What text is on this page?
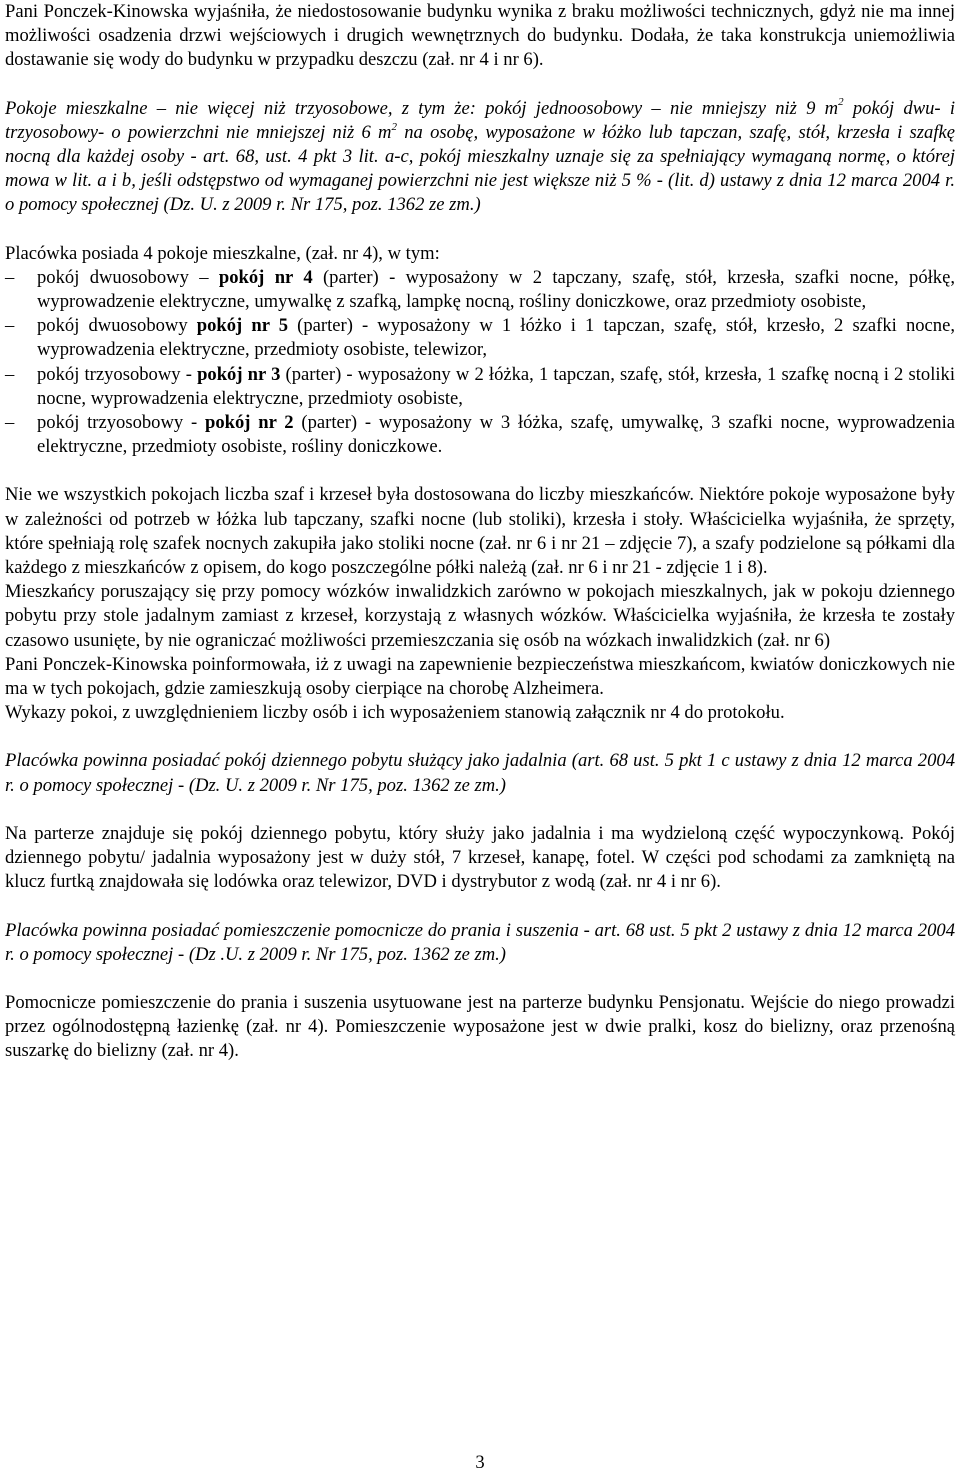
Pani Ponczek-Kinowska wyjaśniła, że niedostosowanie budynku wynika z braku możliwości technicznych, gdyż nie ma innej możliwości osadzenia drzwi wejściowych i drugich wewnętrznych do budynku. Dodała, że taka konstrukcja uniemożliwia dostawanie się wody do budynku w przypadku deszczu (zał. nr 4 i nr 6).

Pokoje mieszkalne – nie więcej niż trzyosobowe, z tym że: pokój jednoosobowy – nie mniejszy niż 9 $m^2$ pokój dwu- i trzyosobowy- o powierzchni nie mniejszej niż 6 $m^2$ na osobę, wyposażone w łóżko lub tapczan, szafę, stół, krzesła i szafkę nocną dla każdej osoby - art. 68, ust. 4 pkt 3 lit. a-c, pokój mieszkalny uznaje się za spełniający wymaganą normę, o której mowa w lit. a i b, jeśli odstępstwo od wymaganej powierzchni nie jest większe niż 5 % - (lit. d) ustawy z dnia 12 marca 2004 r. o pomocy społecznej (Dz. U. z 2009 r. Nr 175, poz. 1362 ze zm.)

Placówka posiada 4 pokoje mieszkalne, (zał. nr 4), w tym:

– pokój dwuosobowy – pokój nr 4 (parter) - wyposażony w 2 tapczany, szafę, stół, krzesła, szafki nocne, półkę, wyprowadzenie elektryczne, umywalkę z szafką, lampkę nocną, rośliny doniczkowe, oraz przedmioty osobiste,
– pokój dwuosobowy pokój nr 5 (parter) - wyposażony w 1 łóżko i 1 tapczan, szafę, stół, krzesło, 2 szafki nocne, wyprowadzenia elektryczne, przedmioty osobiste, telewizor,
– pokój trzyosobowy - pokój nr 3 (parter) - wyposażony w 2 łóżka, 1 tapczan, szafę, stół, krzesła, 1 szafkę nocną i 2 stoliki nocne, wyprowadzenia elektryczne, przedmioty osobiste,
– pokój trzyosobowy - pokój nr 2 (parter) - wyposażony w 3 łóżka, szafę, umywalkę, 3 szafki nocne, wyprowadzenia elektryczne, przedmioty osobiste, rośliny doniczkowe.

Nie we wszystkich pokojach liczba szaf i krzeseł była dostosowana do liczby mieszkańców. Niektóre pokoje wyposażone były w zależności od potrzeb w łóżka lub tapczany, szafki nocne (lub stoliki), krzesła i stoły. Właścicielka wyjaśniła, że sprzęty, które spełniają rolę szafek nocnych zakupiła jako stoliki nocne (zał. nr 6 i nr 21 – zdjęcie 7), a szafy podzielone są półkami dla każdego z mieszkańców z opisem, do kogo poszczególne półki należą (zał. nr 6 i nr 21 - zdjęcie 1 i 8).

Mieszkańcy poruszający się przy pomocy wózków inwalidzkich zarówno w pokojach mieszkalnych, jak w pokoju dziennego pobytu przy stole jadalnym zamiast z krzeseł, korzystają z własnych wózków. Właścicielka wyjaśniła, że krzesła te zostały czasowo usunięte, by nie ograniczać możliwości przemieszczania się osób na wózkach inwalidzkich (zał. nr 6)

Pani Ponczek-Kinowska poinformowała, iż z uwagi na zapewnienie bezpieczeństwa mieszkańcom, kwiatów doniczkowych nie ma w tych pokojach, gdzie zamieszkują osoby cierpiące na chorobę Alzheimera.

Wykazy pokoi, z uwzględnieniem liczby osób i ich wyposażeniem stanowią załącznik nr 4 do protokołu.

Placówka powinna posiadać pokój dziennego pobytu służący jako jadalnia (art. 68 ust. 5 pkt 1 c ustawy z dnia 12 marca 2004 r. o pomocy społecznej - (Dz. U. z 2009 r. Nr 175, poz. 1362 ze zm.)

Na parterze znajduje się pokój dziennego pobytu, który służy jako jadalnia i ma wydzieloną część wypoczynkową. Pokój dziennego pobytu/ jadalnia wyposażony jest w duży stół, 7 krzeseł, kanapę, fotel. W części pod schodami za zamkniętą na klucz furtką znajdowała się lodówka oraz telewizor, DVD i dystrybutor z wodą (zał. nr 4 i nr 6).

Placówka powinna posiadać pomieszczenie pomocnicze do prania i suszenia - art. 68 ust. 5 pkt 2 ustawy z dnia 12 marca 2004 r. o pomocy społecznej - (Dz .U. z 2009 r. Nr 175, poz. 1362 ze zm.)

Pomocnicze pomieszczenie do prania i suszenia usytuowane jest na parterze budynku Pensjonatu. Wejście do niego prowadzi przez ogólnodostępną łazienkę (zał. nr 4). Pomieszczenie wyposażone jest w dwie pralki, kosz do bielizny, oraz przenośną suszarkę do bielizny (zał. nr 4).

3
